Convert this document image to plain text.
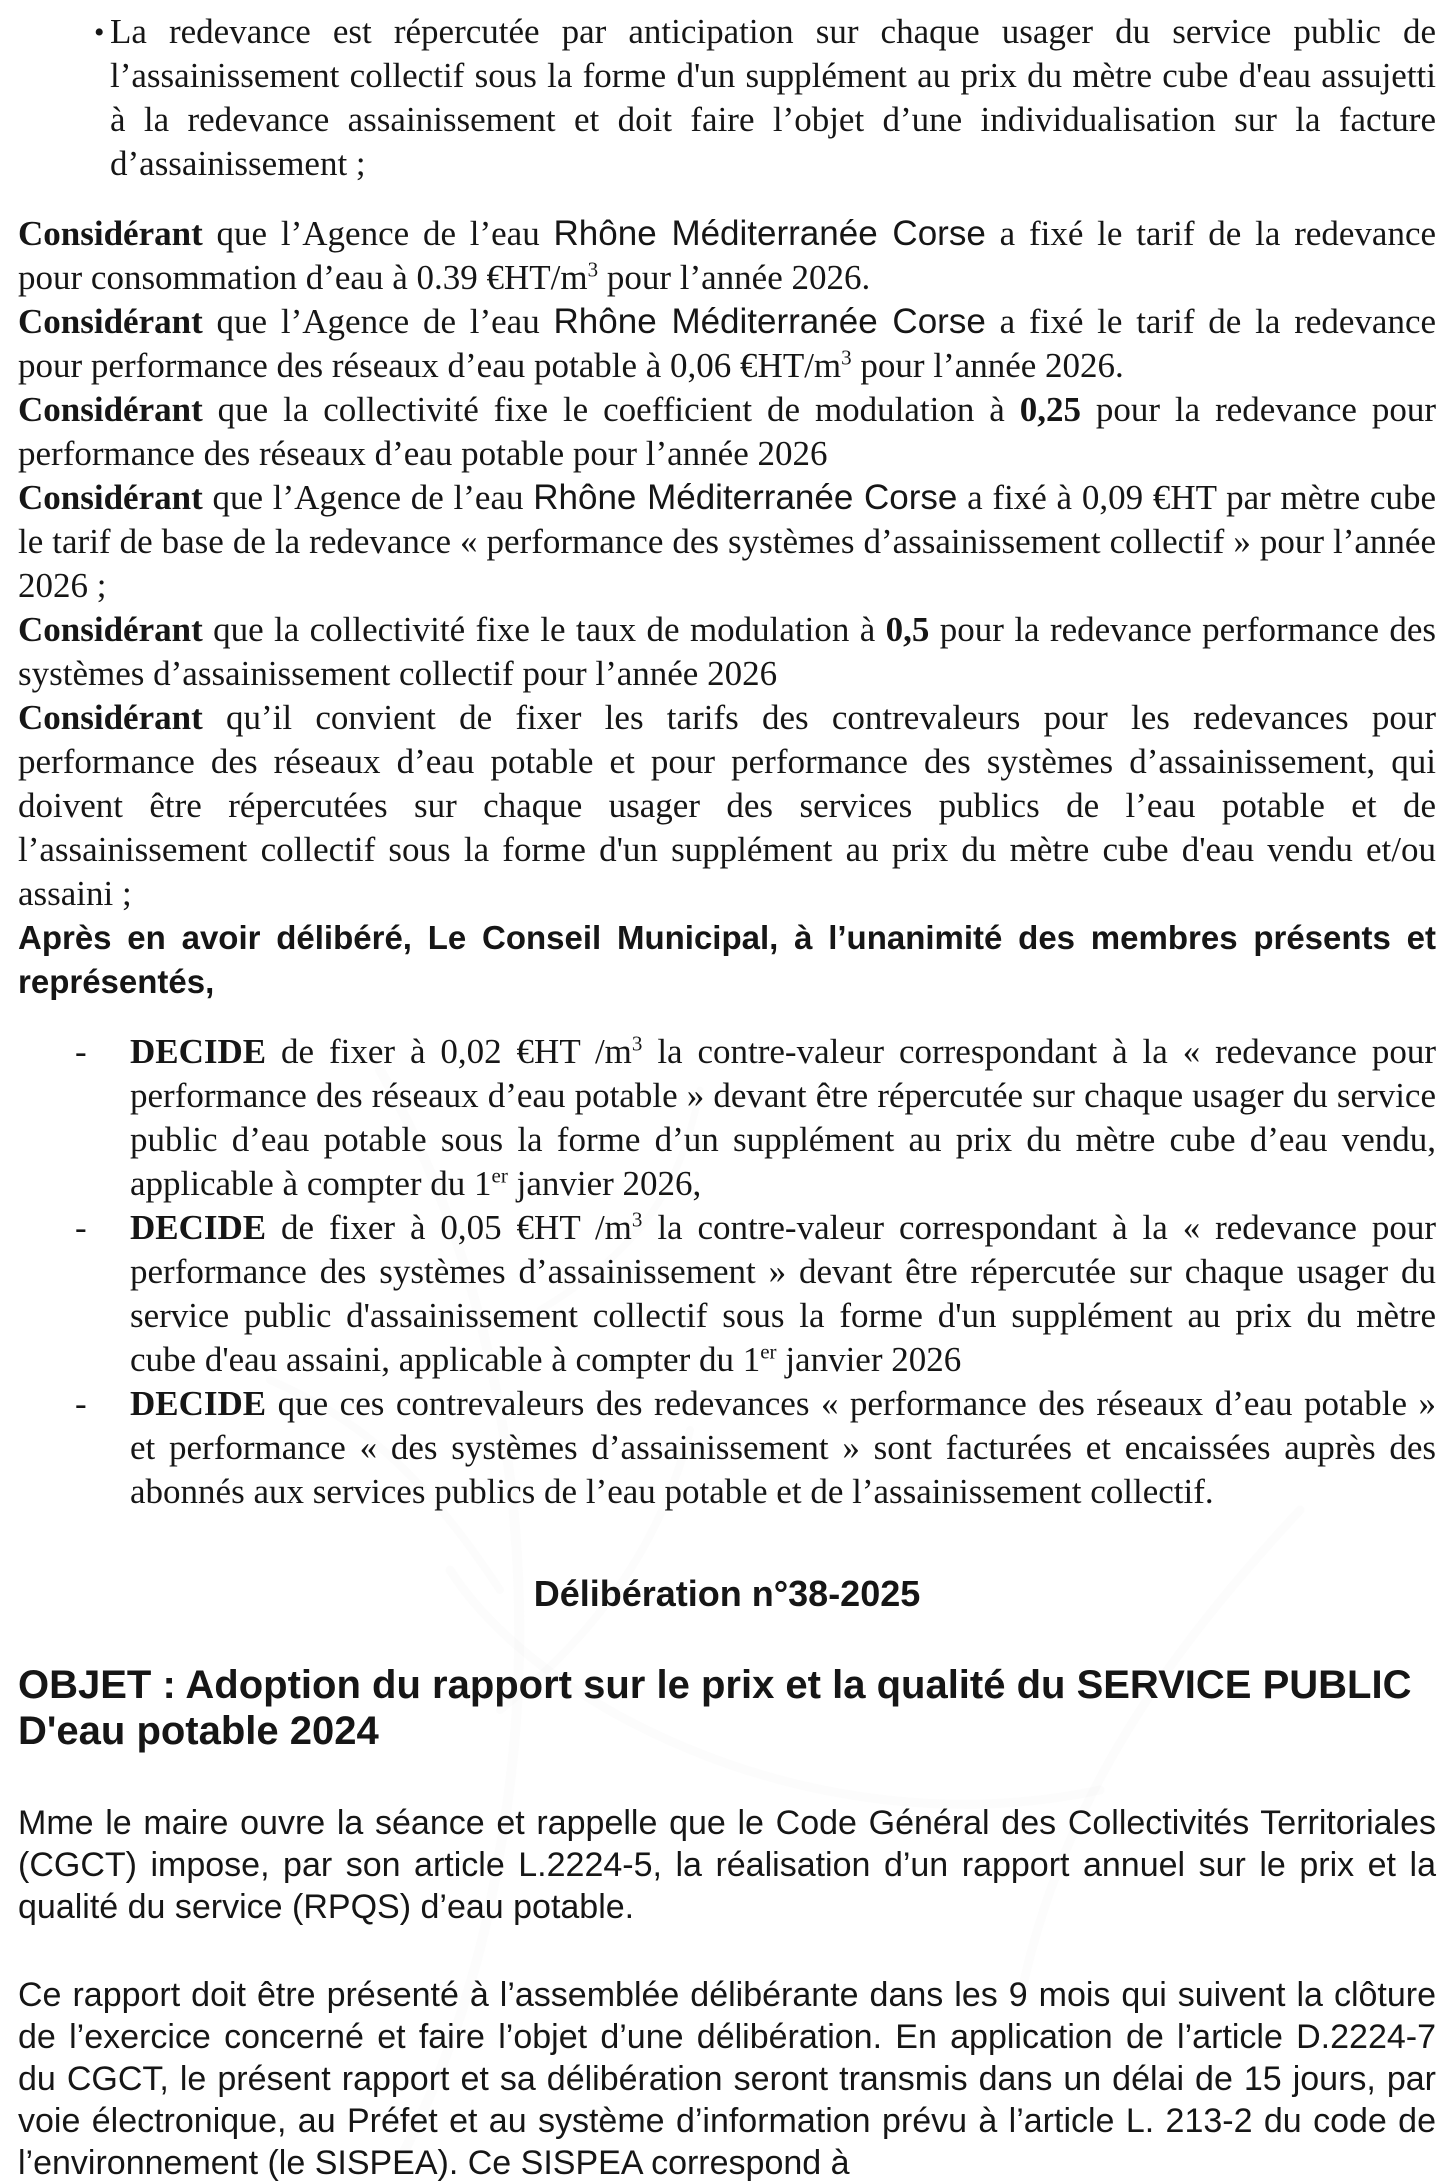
• La redevance est répercutée par anticipation sur chaque usager du service public de l’assainissement collectif sous la forme d'un supplément au prix du mètre cube d'eau assujetti à la redevance assainissement et doit faire l’objet d’une individualisation sur la facture d’assainissement ;
Considérant que l’Agence de l’eau Rhône Méditerranée Corse a fixé le tarif de la redevance pour consommation d’eau à 0.39 $€HT/m^3$ pour l’année 2026.
Considérant que l’Agence de l’eau Rhône Méditerranée Corse a fixé le tarif de la redevance pour performance des réseaux d’eau potable à 0,06 $€HT/m^3$ pour l’année 2026.
Considérant que la collectivité fixe le coefficient de modulation à 0,25 pour la redevance pour performance des réseaux d’eau potable pour l’année 2026
Considérant que l’Agence de l’eau Rhône Méditerranée Corse a fixé à 0,09 €HT par mètre cube le tarif de base de la redevance « performance des systèmes d’assainissement collectif » pour l’année 2026 ;
Considérant que la collectivité fixe le taux de modulation à 0,5 pour la redevance performance des systèmes d’assainissement collectif pour l’année 2026
Considérant qu’il convient de fixer les tarifs des contrevaleurs pour les redevances pour performance des réseaux d’eau potable et pour performance des systèmes d’assainissement, qui doivent être répercutées sur chaque usager des services publics de l’eau potable et de l’assainissement collectif sous la forme d'un supplément au prix du mètre cube d'eau vendu et/ou assaini ;
Après en avoir délibéré, Le Conseil Municipal, à l’unanimité des membres présents et représentés,
- DECIDE de fixer à 0,02 €HT $/m^3$ la contre-valeur correspondant à la « redevance pour performance des réseaux d’eau potable » devant être répercutée sur chaque usager du service public d’eau potable sous la forme d’un supplément au prix du mètre cube d’eau vendu, applicable à compter du 1er janvier 2026,
- DECIDE de fixer à 0,05 €HT $/m^3$ la contre-valeur correspondant à la « redevance pour performance des systèmes d’assainissement » devant être répercutée sur chaque usager du service public d'assainissement collectif sous la forme d'un supplément au prix du mètre cube d'eau assaini, applicable à compter du 1er janvier 2026
- DECIDE que ces contrevaleurs des redevances « performance des réseaux d’eau potable » et performance « des systèmes d’assainissement » sont facturées et encaissées auprès des abonnés aux services publics de l’eau potable et de l’assainissement collectif.
Délibération n°38-2025
OBJET : Adoption du rapport sur le prix et la qualité du SERVICE PUBLIC
D'eau potable 2024
Mme le maire ouvre la séance et rappelle que le Code Général des Collectivités Territoriales (CGCT) impose, par son article L.2224-5, la réalisation d’un rapport annuel sur le prix et la qualité du service (RPQS) d’eau potable.
Ce rapport doit être présenté à l’assemblée délibérante dans les 9 mois qui suivent la clôture de l’exercice concerné et faire l’objet d’une délibération. En application de l’article D.2224-7 du CGCT, le présent rapport et sa délibération seront transmis dans un délai de 15 jours, par voie électronique, au Préfet et au système d’information prévu à l’article L. 213-2 du code de l’environnement (le SISPEA). Ce SISPEA correspond à
